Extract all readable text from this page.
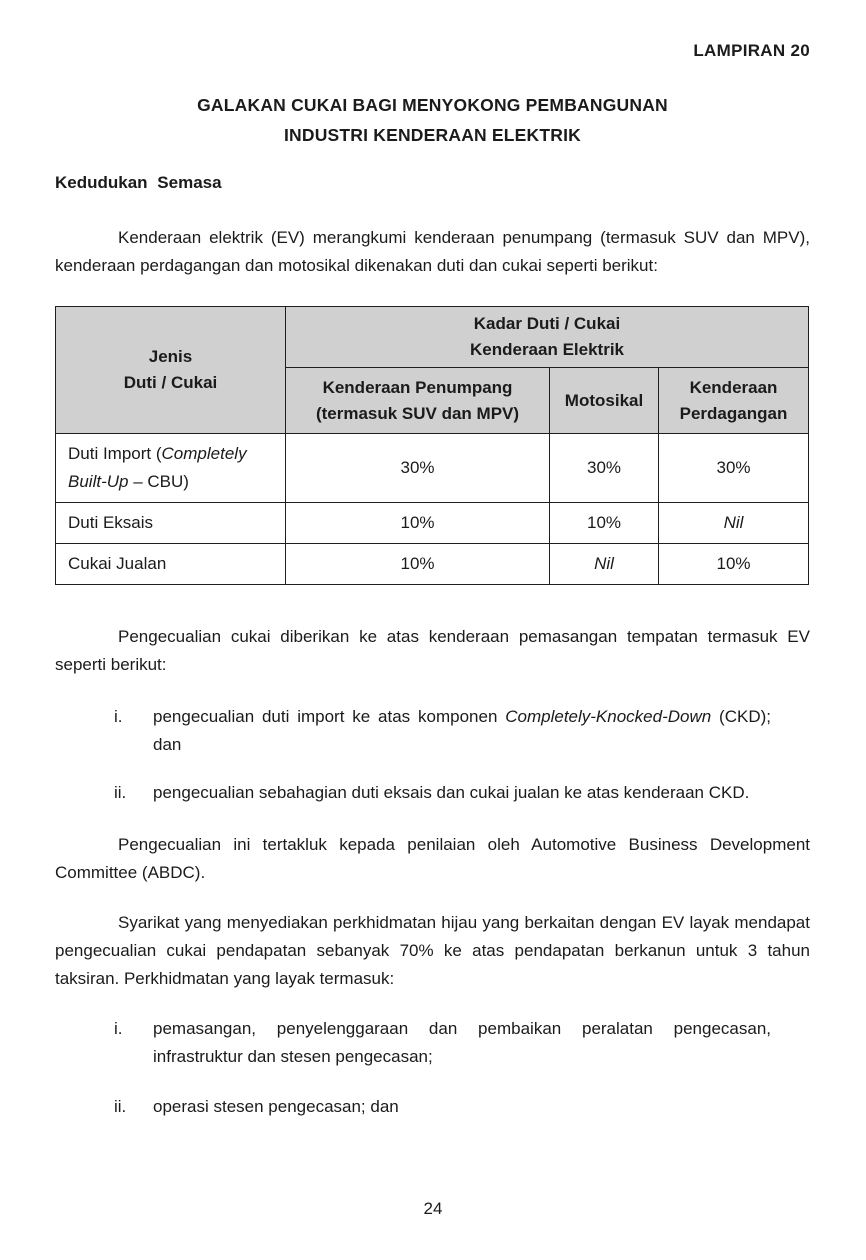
LAMPIRAN 20
GALAKAN CUKAI BAGI MENYOKONG PEMBANGUNAN
INDUSTRI KENDERAAN ELEKTRIK
Kedudukan Semasa

Kenderaan elektrik (EV) merangkumi kenderaan penumpang (termasuk SUV dan MPV), kenderaan perdagangan dan motosikal dikenakan duti dan cukai seperti berikut:

Jenis
Duti / Cukai

Kadar Duti / Cukai
Kenderaan Elektrik

	Kenderaan Penumpang (termasuk SUV dan MPV)	Motosikal	Kenderaan Perdagangan
Duti Import (Completely Built-Up – CBU)	30%	30%	30%
Duti Eksais	10%	10%	Nil
Cukai Jualan	10%	Nil	10%

Pengecualian cukai diberikan ke atas kenderaan pemasangan tempatan termasuk EV seperti berikut:

i.	pengecualian duti import ke atas komponen Completely-Knocked-Down (CKD); dan
ii.	pengecualian sebahagian duti eksais dan cukai jualan ke atas kenderaan CKD.

Pengecualian ini tertakluk kepada penilaian oleh Automotive Business Development Committee (ABDC).

Syarikat yang menyediakan perkhidmatan hijau yang berkaitan dengan EV layak mendapat pengecualian cukai pendapatan sebanyak 70% ke atas pendapatan berkanun untuk 3 tahun taksiran. Perkhidmatan yang layak termasuk:

i.	pemasangan, penyelenggaraan dan pembaikan peralatan pengecasan, infrastruktur dan stesen pengecasan;
ii.	operasi stesen pengecasan; dan
24
